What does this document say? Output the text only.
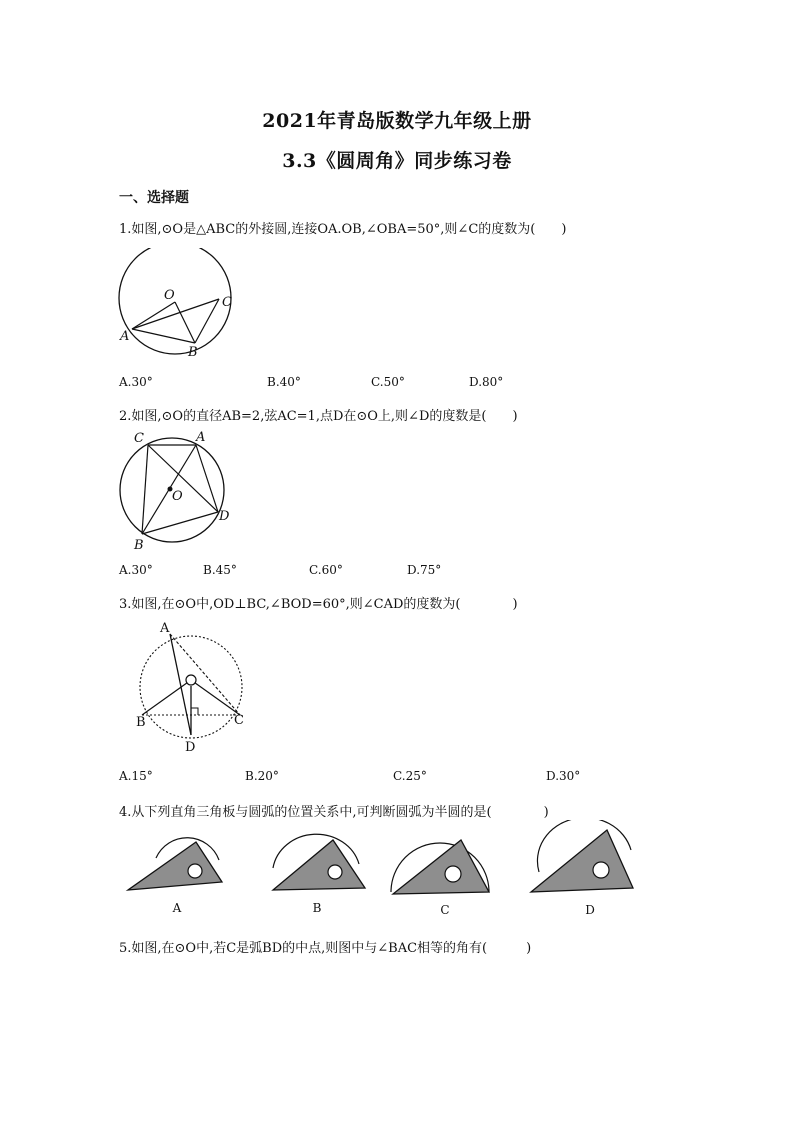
2021年青岛版数学九年级上册
3.3《圆周角》同步练习卷
一、选择题
1.如图,⊙O是△ABC的外接圆,连接OA.OB,∠OBA=50°,则∠C的度数为(　　)
O
A
B
C
A.30°	B.40°	C.50°	D.80°
2.如图,⊙O的直径AB=2,弦AC=1,点D在⊙O上,则∠D的度数是(　　)
C	A
O
D
B
A.30°	B.45°	C.60°	D.75°
3.如图,在⊙O中,OD⊥BC,∠BOD=60°,则∠CAD的度数为(　　　　)
A
B	C
D
A.15°	B.20°	C.25°	D.30°
4.从下列直角三角板与圆弧的位置关系中,可判断圆弧为半圆的是(　　　　)
A	B	C	D
5.如图,在⊙O中,若C是弧BD的中点,则图中与∠BAC相等的角有(　　　)
